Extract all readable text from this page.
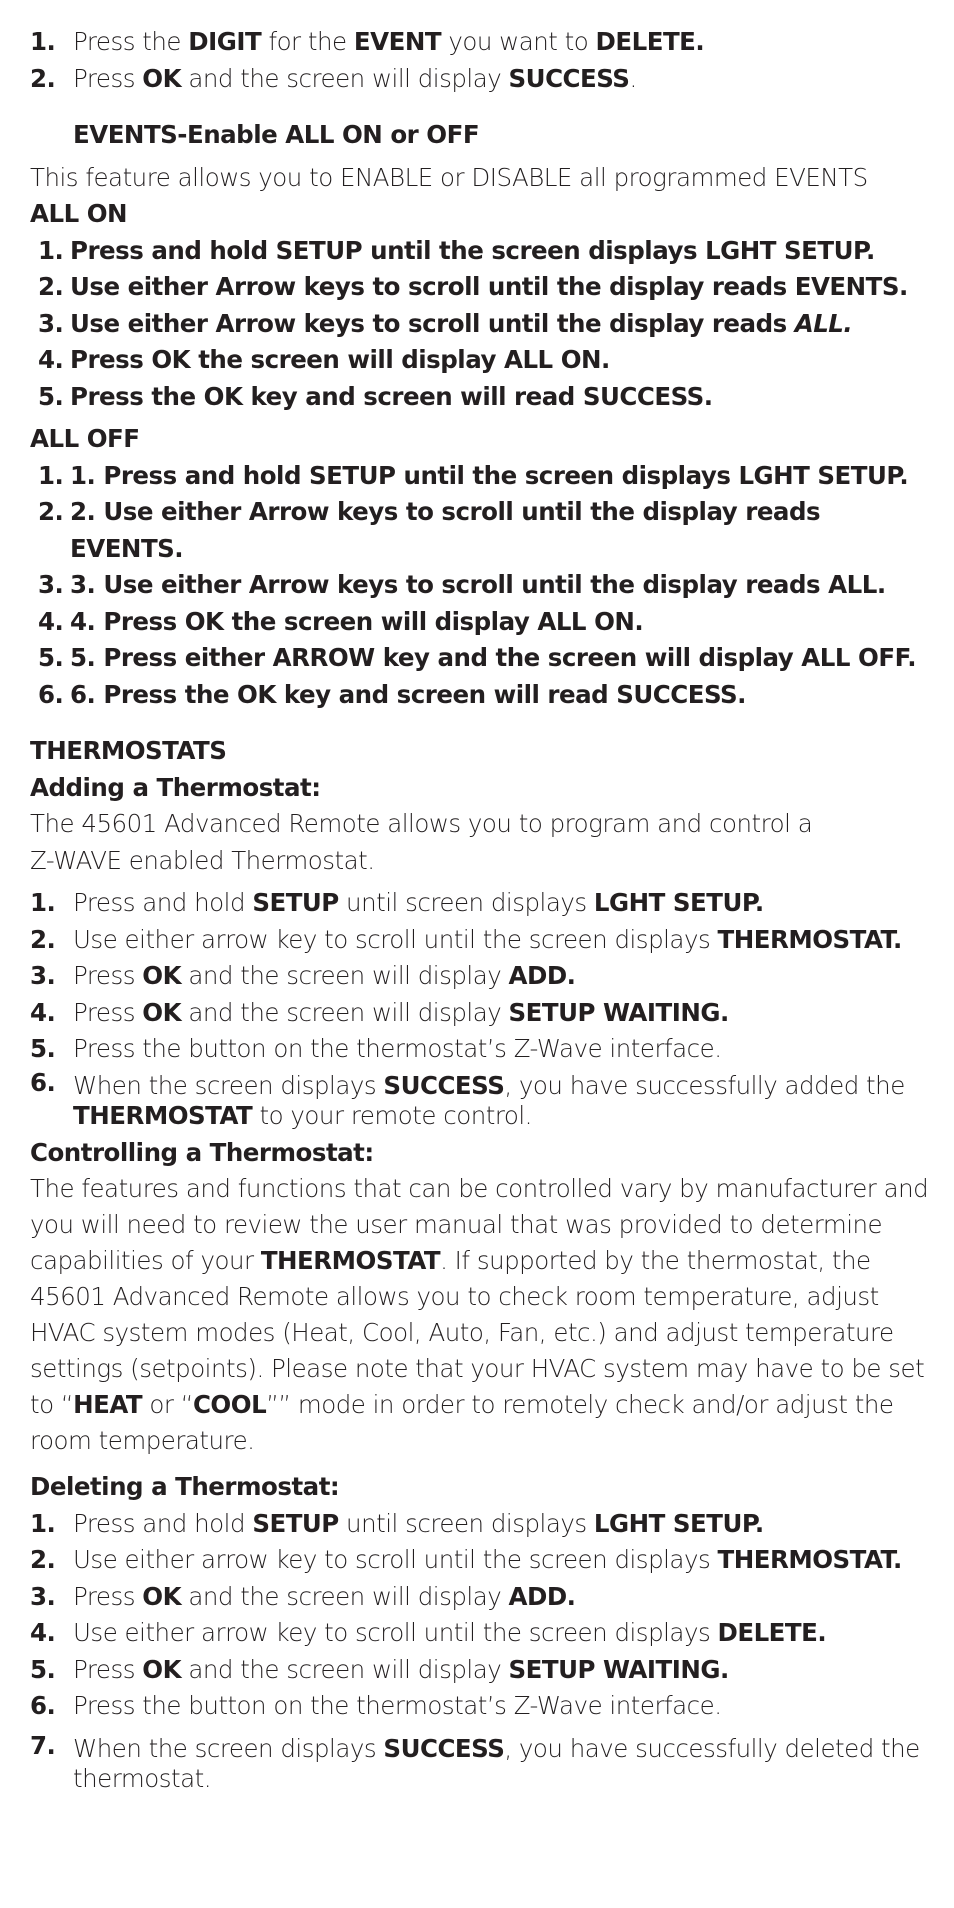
1. Press the DIGIT for the EVENT you want to DELETE.
2. Press OK and the screen will display SUCCESS.
EVENTS-Enable ALL ON or OFF
This feature allows you to ENABLE or DISABLE all programmed EVENTS
ALL ON
1. Press and hold SETUP until the screen displays LGHT SETUP.
2. Use either Arrow keys to scroll until the display reads EVENTS.
3. Use either Arrow keys to scroll until the display reads ALL.
4. Press OK the screen will display ALL ON.
5. Press the OK key and screen will read SUCCESS.
ALL OFF
1. 1. Press and hold SETUP until the screen displays LGHT SETUP.
2. 2. Use either Arrow keys to scroll until the display reads EVENTS.
3. 3. Use either Arrow keys to scroll until the display reads ALL.
4. 4. Press OK the screen will display ALL ON.
5. 5. Press either ARROW key and the screen will display ALL OFF.
6. 6. Press the OK key and screen will read SUCCESS.
THERMOSTATS
Adding a Thermostat:
The 45601 Advanced Remote allows you to program and control a
Z-WAVE enabled Thermostat.
1. Press and hold SETUP until screen displays LGHT SETUP.
2. Use either arrow key to scroll until the screen displays THERMOSTAT.
3. Press OK and the screen will display ADD.
4. Press OK and the screen will display SETUP WAITING.
5. Press the button on the thermostat’s Z-Wave interface.
6. When the screen displays SUCCESS, you have successfully added the THERMOSTAT to your remote control.
Controlling a Thermostat:
The features and functions that can be controlled vary by manufacturer and you will need to review the user manual that was provided to determine capabilities of your THERMOSTAT. If supported by the thermostat, the 45601 Advanced Remote allows you to check room temperature, adjust HVAC system modes (Heat, Cool, Auto, Fan, etc.) and adjust temperature settings (setpoints). Please note that your HVAC system may have to be set to “HEAT or “COOL”” mode in order to remotely check and/or adjust the room temperature.
Deleting a Thermostat:
1. Press and hold SETUP until screen displays LGHT SETUP.
2. Use either arrow key to scroll until the screen displays THERMOSTAT.
3. Press OK and the screen will display ADD.
4. Use either arrow key to scroll until the screen displays DELETE.
5. Press OK and the screen will display SETUP WAITING.
6. Press the button on the thermostat’s Z-Wave interface.
7. When the screen displays SUCCESS, you have successfully deleted the thermostat.
